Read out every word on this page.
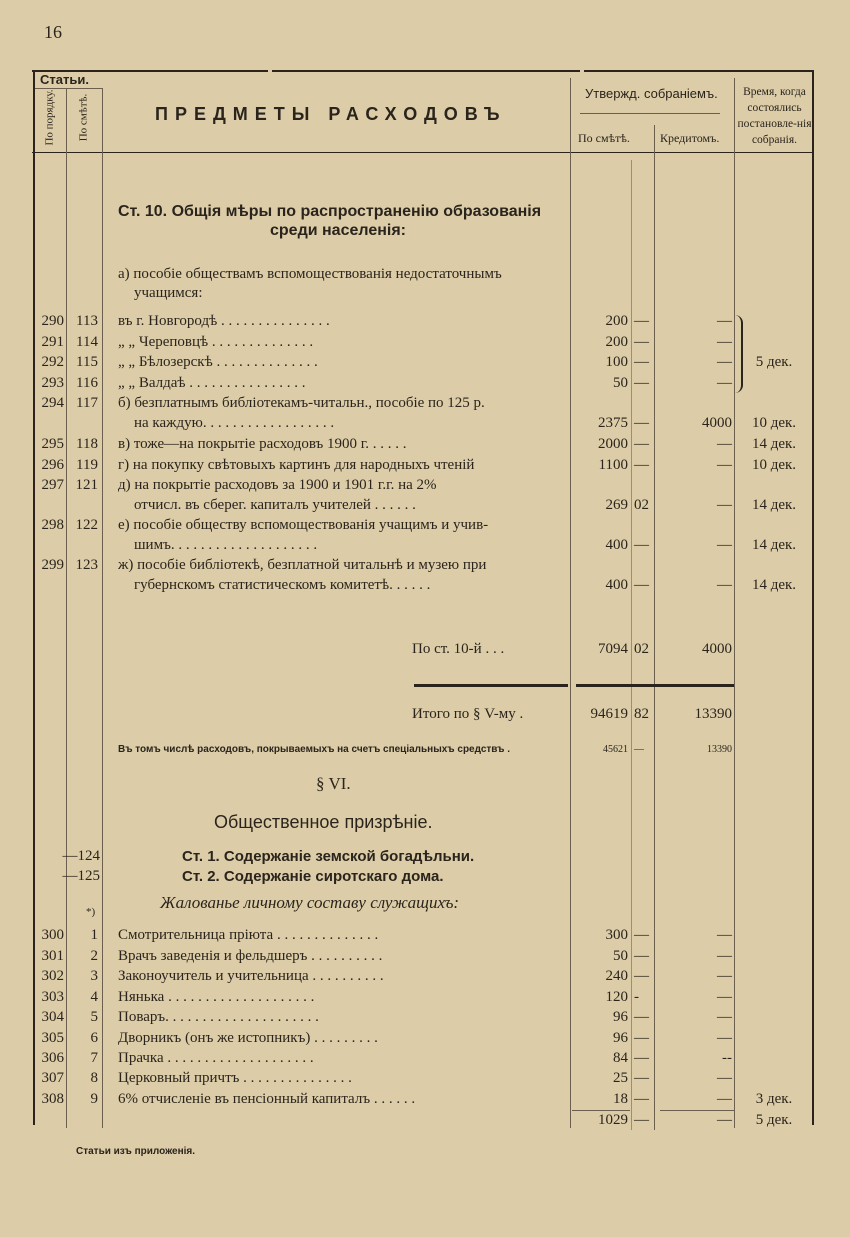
16
Статьи.
По порядку. По смѣтѣ.	ПРЕДМЕТЫ РАСХОДОВЪ
Утвержд. собраніемъ.
По смѣтѣ.	Кредитомъ.
Время, когда состоялись постановле-нія собранія.
Ст. 10. Общія мѣры по распространенію образованія
среди населенія:
а) пособіе обществамъ вспомоществованія недостаточнымъ
учащимся:
290 113 въ г. Новгородѣ . . . . . . . . . . . . . . .	200 —	—
291 114 „ „ Череповцѣ . . . . . . . . . . . . . .	200 —	—
292 115 „ „ Бѣлозерскѣ . . . . . . . . . . . . . .	100 —	—	5 дек.
293 116 „ „ Валдаѣ . . . . . . . . . . . . . . . .	50 —	—
294 117 б) безплатнымъ библіотекамъ-читальн., пособіе по 125 р.
на каждую. . . . . . . . . . . . . . . . . .	2375 —	4000	10 дек.
295 118 в) тоже—на покрытіе расходовъ 1900 г. . . . . .	2000 —	—	14 дек.
296 119 г) на покупку свѣтовыхъ картинъ для народныхъ чтеній	1100 —	—	10 дек.
297 121 д) на покрытіе расходовъ за 1900 и 1901 г.г. на 2%
отчисл. въ сберег. капиталъ учителей . . . . . .	269 02	—	14 дек.
298 122 е) пособіе обществу вспомоществованія учащимъ и учив-
шимъ. . . . . . . . . . . . . . . . . . . .	400 —	—	14 дек.
299 123 ж) пособіе библіотекѣ, безплатной читальнѣ и музею при
губернскомъ статистическомъ комитетѣ. . . . . .	400 —	—	14 дек.
300	1 Смотрительница пріюта . . . . . . . . . . . . . .	300 —	—
301	2 Врачъ заведенія и фельдшеръ . . . . . . . . . .	50 —	—
302	3 Законоучитель и учительница . . . . . . . . . .	240 —	—
303	4 Нянька . . . . . . . . . . . . . . . . . . . .	120 -	—
304	5 Поваръ. . . . . . . . . . . . . . . . . . . . .	96 —	—
305	6 Дворникъ (онъ же истопникъ) . . . . . . . . .	96 —	—
306	7 Прачка . . . . . . . . . . . . . . . . . . . .	84 —	--
307	8 Церковный причтъ . . . . . . . . . . . . . . .	25 —	—
308	9 6% отчисленіе въ пенсіонный капиталъ . . . . . .	18 —	—	3 дек.
По ст. 10-й . . .	7094 02	4000
Итого по § V-му .	94619 82	13390
Въ томъ числѣ расходовъ, покрываемыхъ на счетъ спеціальныхъ средствъ .	45621 —	13390
§ VI.
Общественное призрѣніе.
—124	Ст. 1. Содержаніе земской богадѣльни.
—125	Ст. 2. Содержаніе сиротскаго дома.
Жалованье личному составу служащихъ:
*)
1029 —	—	5 дек.
Статьи изъ приложенія.
